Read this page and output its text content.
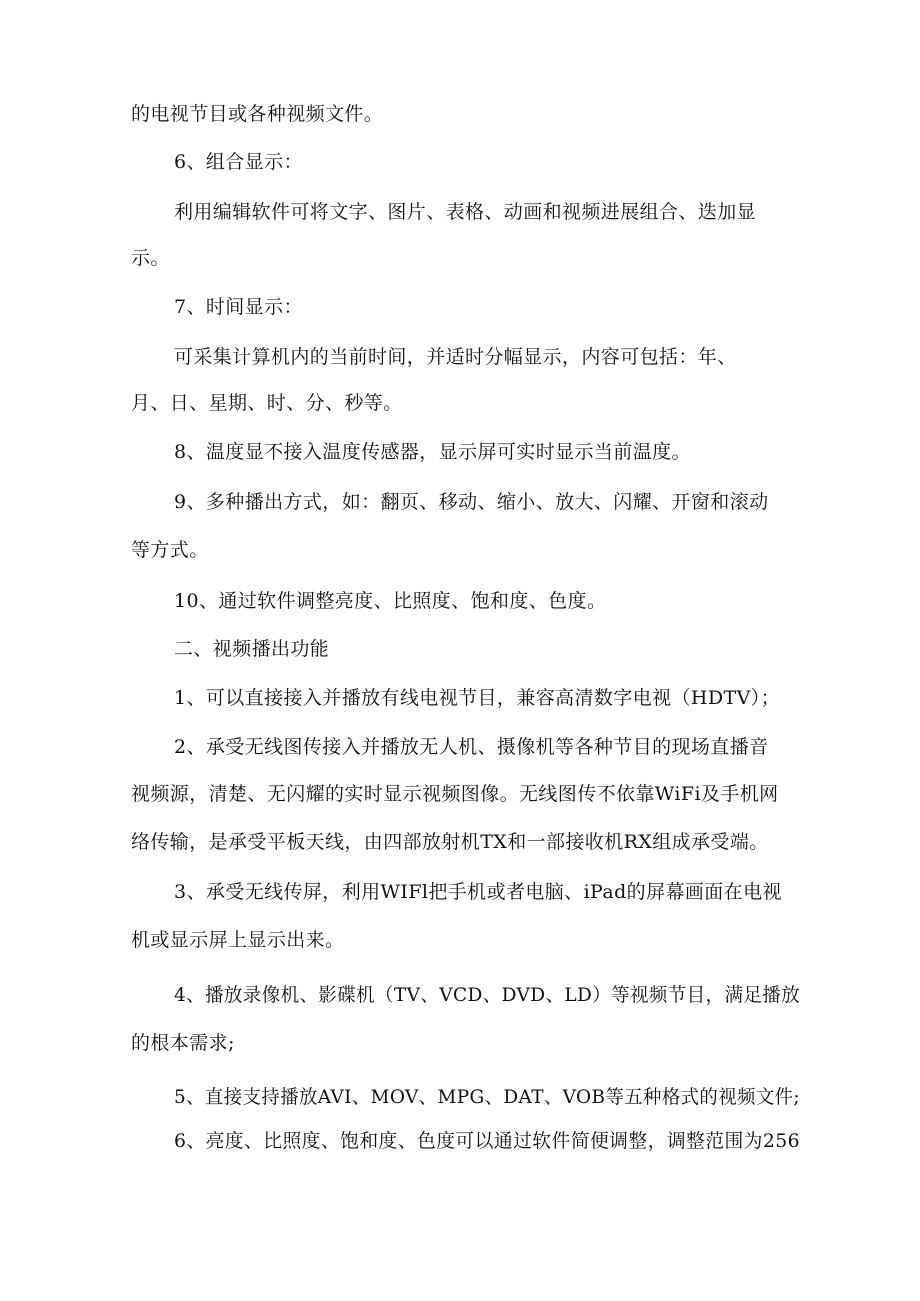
的电视节目或各种视频文件。
6、组合显示：
利用编辑软件可将文字、图片、表格、动画和视频进展组合、迭加显
示。
7、时间显示：
可采集计算机内的当前时间，并适时分幅显示，内容可包括：年、
月、日、星期、时、分、秒等。
8、温度显不接入温度传感器，显示屏可实时显示当前温度。
9、多种播出方式，如：翻页、移动、缩小、放大、闪耀、开窗和滚动
等方式。
10、通过软件调整亮度、比照度、饱和度、色度。
二、视频播出功能
1、可以直接接入并播放有线电视节目，兼容高清数字电视（HDTV）；
2、承受无线图传接入并播放无人机、摄像机等各种节目的现场直播音
视频源，清楚、无闪耀的实时显示视频图像。无线图传不依靠WiFi及手机网
络传输，是承受平板天线，由四部放射机TX和一部接收机RX组成承受端。
3、承受无线传屏，利用WIFl把手机或者电脑、iPad的屏幕画面在电视
机或显示屏上显示出来。
4、播放录像机、影碟机（TV、VCD、DVD、LD）等视频节目，满足播放
的根本需求;
5、直接支持播放AVI、MOV、MPG、DAT、VOB等五种格式的视频文件;
6、亮度、比照度、饱和度、色度可以通过软件简便调整，调整范围为256
